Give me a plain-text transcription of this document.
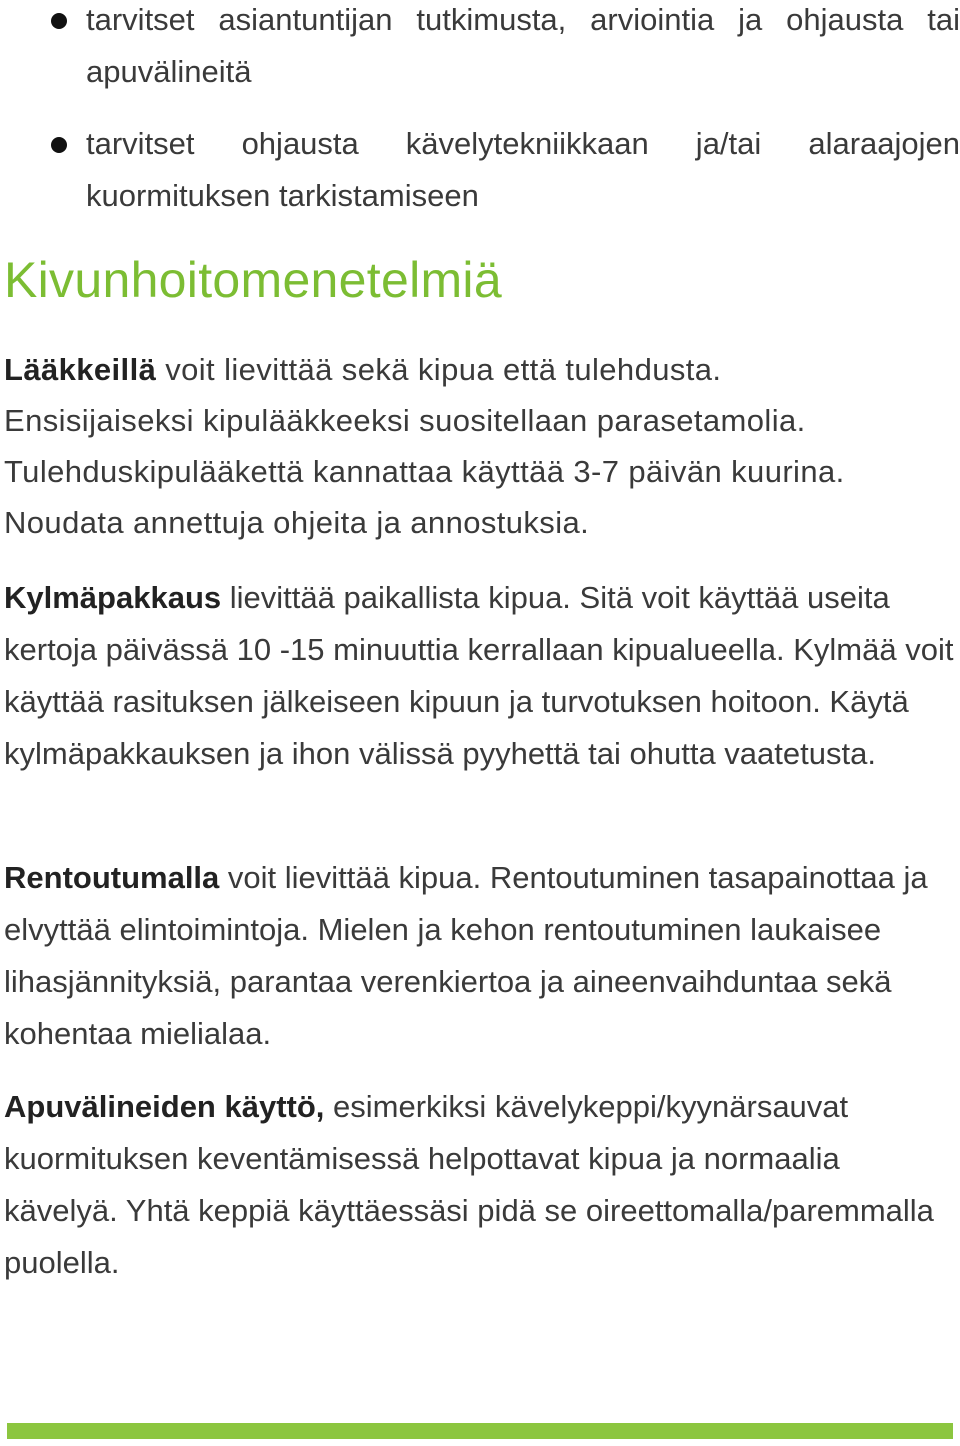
tarvitset asiantuntijan tutkimusta, arviointia ja ohjausta tai apuvälineitä
tarvitset ohjausta kävelytekniikkaan ja/tai alaraajojen kuormituksen tarkistamiseen
Kivunhoitomenetelmiä
Lääkkeillä voit lievittää sekä kipua että tulehdusta.
Ensisijaiseksi kipulääkkeeksi suositellaan parasetamolia.
Tulehduskipulääkettä kannattaa käyttää 3-7 päivän kuurina.
Noudata annettuja ohjeita ja annostuksia.
Kylmäpakkaus lievittää paikallista kipua. Sitä voit käyttää useita kertoja päivässä 10 -15 minuuttia kerrallaan kipualueella. Kylmää voit käyttää rasituksen jälkeiseen kipuun ja turvotuksen hoitoon. Käytä kylmäpakkauksen ja ihon välissä pyyhettä tai ohutta vaatetusta.
Rentoutumalla voit lievittää kipua. Rentoutuminen tasapainottaa ja elvyttää elintoimintoja. Mielen ja kehon rentoutuminen laukaisee lihasjännityksiä, parantaa verenkiertoa ja aineenvaihduntaa sekä kohentaa mielialaa.
Apuvälineiden käyttö, esimerkiksi kävelykeppi/kyynärsauvat kuormituksen keventämisessä helpottavat kipua ja normaalia kävelyä. Yhtä keppiä käyttäessäsi pidä se oireettomalla/paremmalla puolella.
